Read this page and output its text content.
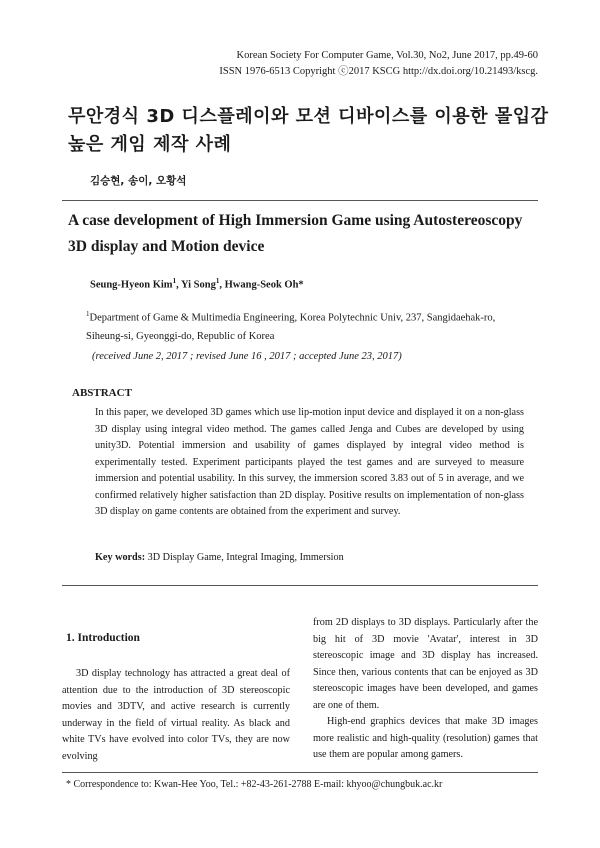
Korean Society For Computer Game, Vol.30, No2, June 2017, pp.49-60
ISSN 1976-6513 Copyright ⓒ2017 KSCG http://dx.doi.org/10.21493/kscg.
무안경식 3D 디스플레이와 모션 디바이스를 이용한 몰입감
높은 게임 제작 사례
김승현, 송이, 오황석
A case development of High Immersion Game using Autostereoscopy 3D display and Motion device
Seung-Hyeon Kim$^1$, Yi Song$^1$, Hwang-Seok Oh*
$^1$Department of Game & Multimedia Engineering, Korea Polytechnic Univ, 237, Sangidaehak-ro, Siheung-si, Gyeonggi-do, Republic of Korea
(received June 2, 2017 ; revised June 16 , 2017 ; accepted June 23, 2017)
ABSTRACT
In this paper, we developed 3D games which use lip-motion input device and displayed it on a non-glass 3D display using integral video method. The games called Jenga and Cubes are developed by using unity3D. Potential immersion and usability of games displayed by integral video method is experimentally tested. Experiment participants played the test games and are surveyed to measure immersion and potential usability. In this survey, the immersion scored 3.83 out of 5 in average, and we confirmed relatively higher satisfaction than 2D display. Positive results on implementation of non-glass 3D display on game contents are obtained from the experiment and survey.
Key words: 3D Display Game, Integral Imaging, Immersion
1. Introduction

3D display technology has attracted a great deal of attention due to the introduction of 3D stereoscopic movies and 3DTV, and active research is currently underway in the field of virtual reality. As black and white TVs have evolved into color TVs, they are now evolving

from 2D displays to 3D displays. Particularly after the big hit of 3D movie 'Avatar', interest in 3D stereoscopic image and 3D display has increased. Since then, various contents that can be enjoyed as 3D stereoscopic images have been developed, and games are one of them.

High-end graphics devices that make 3D images more realistic and high-quality (resolution) games that use them are popular among gamers.

* Correspondence to: Kwan-Hee Yoo, Tel.: +82-43-261-2788 E-mail: khyoo@chungbuk.ac.kr
